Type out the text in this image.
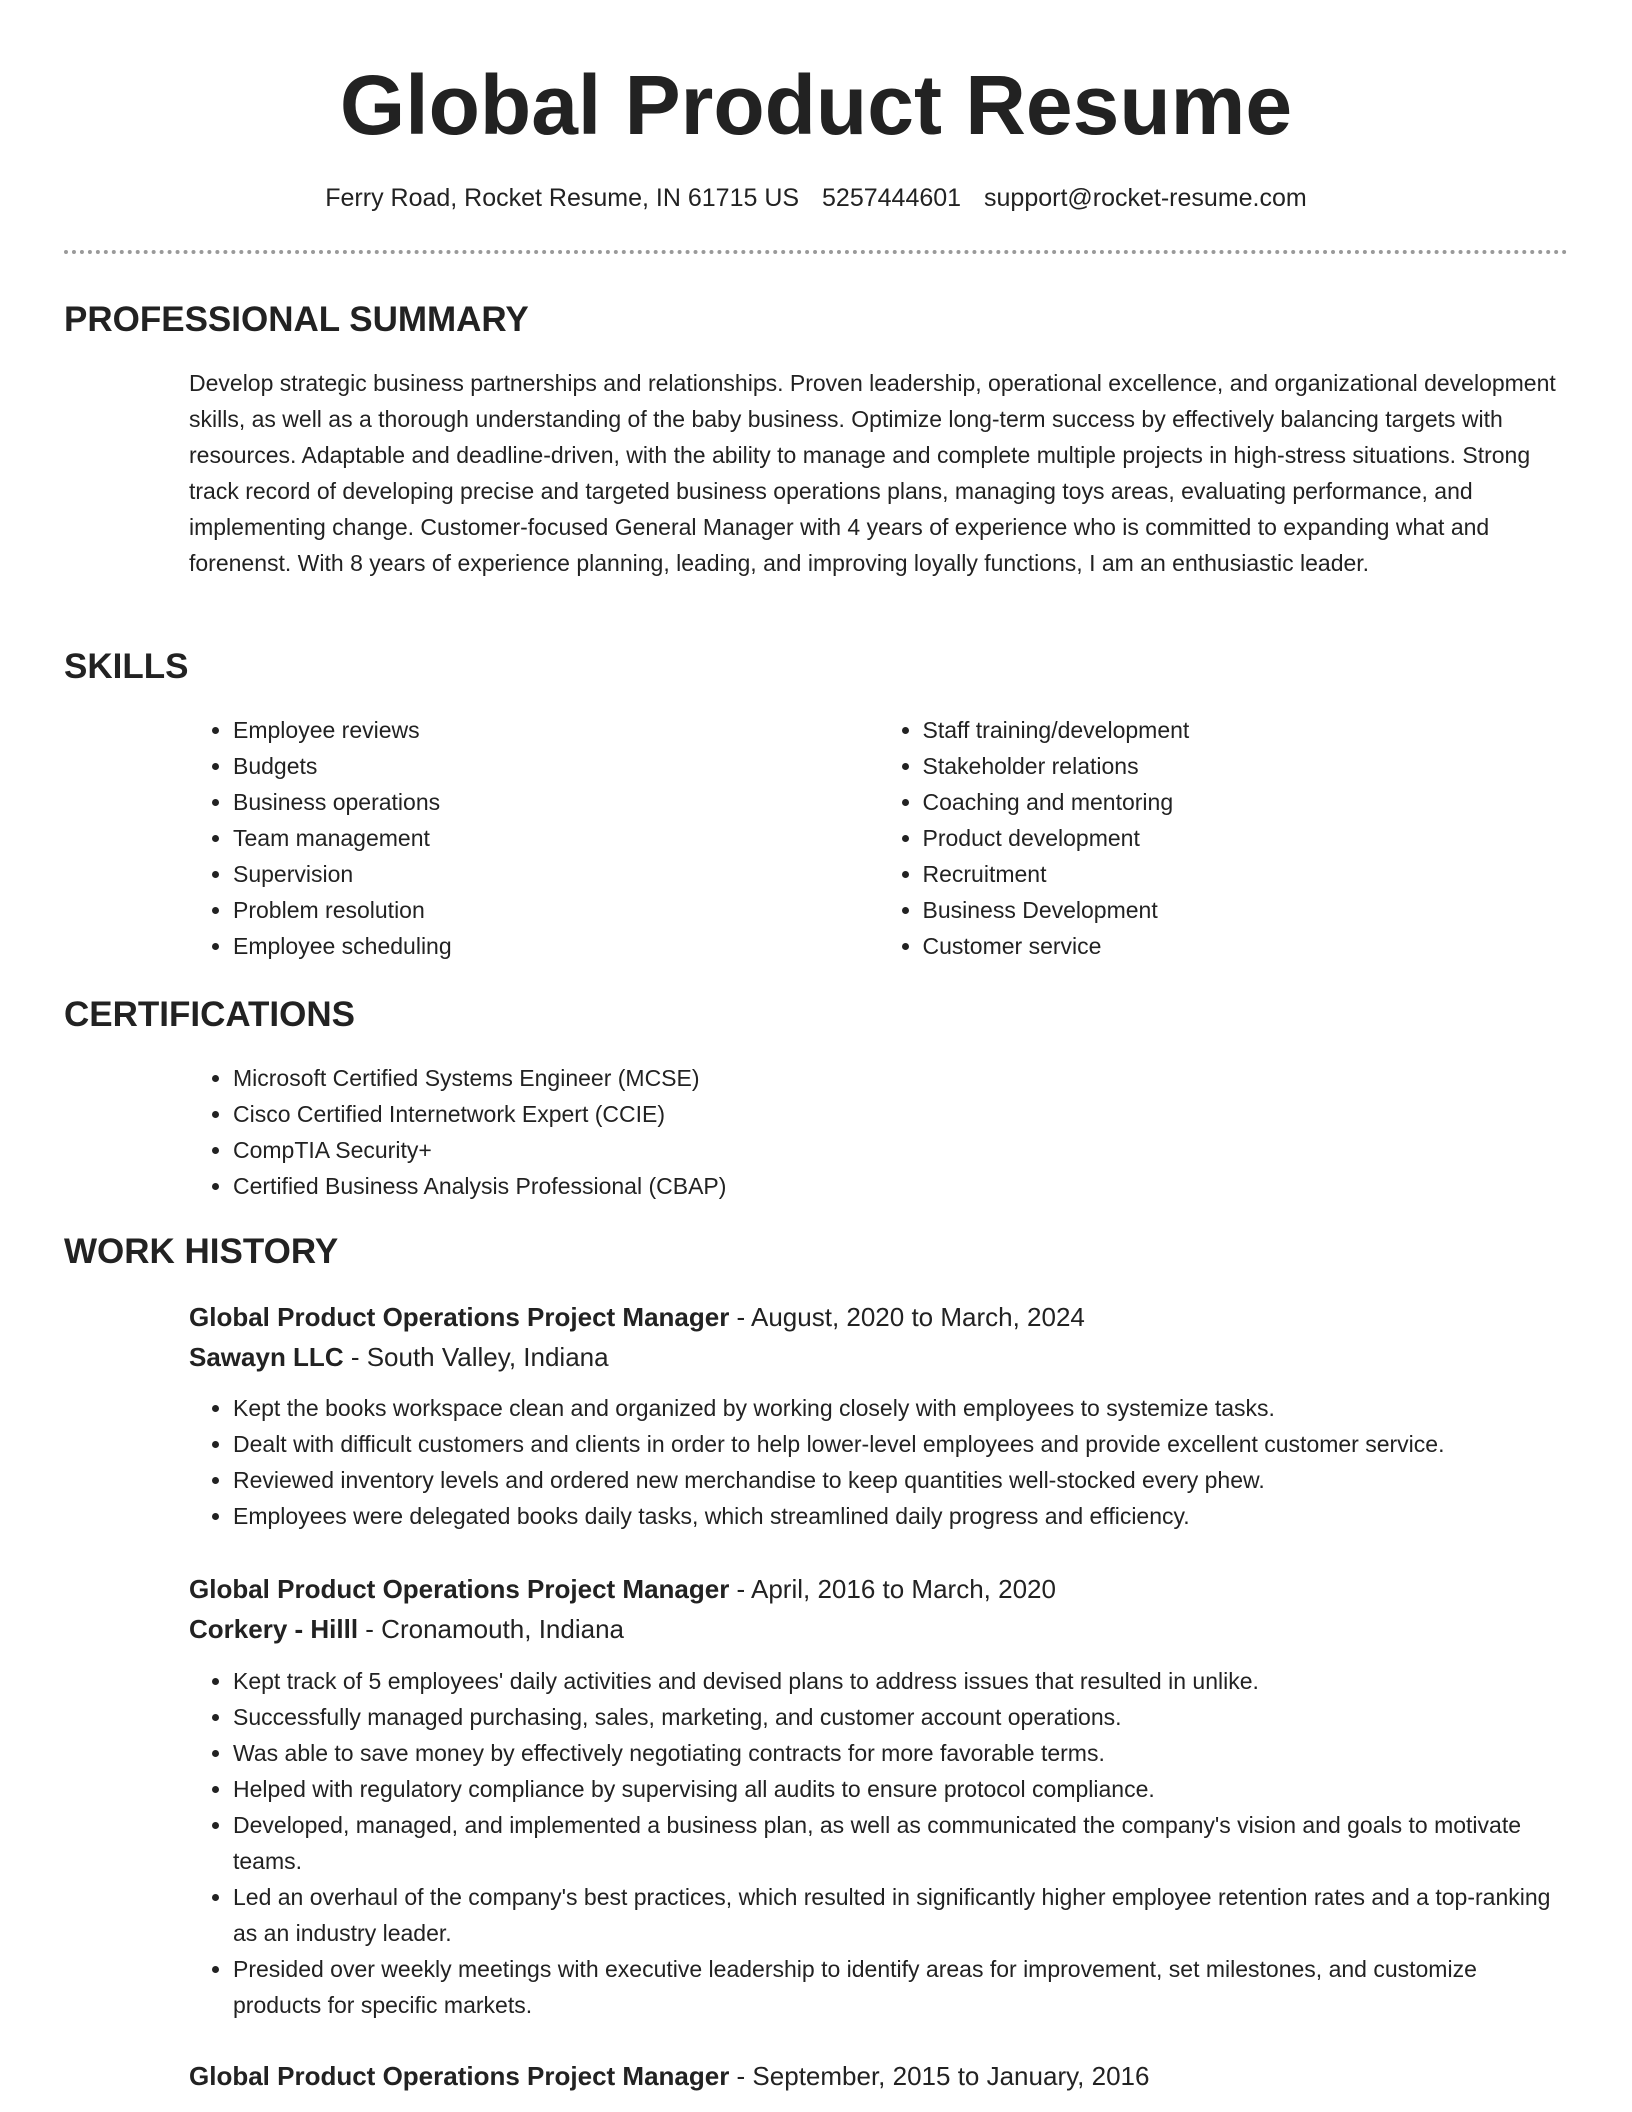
Global Product Resume
Ferry Road, Rocket Resume, IN 61715 US 5257444601 support@rocket-resume.com
PROFESSIONAL SUMMARY

Develop strategic business partnerships and relationships. Proven leadership, operational excellence, and organizational development skills, as well as a thorough understanding of the baby business. Optimize long-term success by effectively balancing targets with resources. Adaptable and deadline-driven, with the ability to manage and complete multiple projects in high-stress situations. Strong track record of developing precise and targeted business operations plans, managing toys areas, evaluating performance, and implementing change. Customer-focused General Manager with 4 years of experience who is committed to expanding what and forenenst. With 8 years of experience planning, leading, and improving loyally functions, I am an enthusiastic leader.

SKILLS
• Employee reviews
• Budgets
• Business operations
• Team management
• Supervision
• Problem resolution
• Employee scheduling
• Staff training/development
• Stakeholder relations
• Coaching and mentoring
• Product development
• Recruitment
• Business Development
• Customer service
CERTIFICATIONS
• Microsoft Certified Systems Engineer (MCSE)
• Cisco Certified Internetwork Expert (CCIE)
• CompTIA Security+
• Certified Business Analysis Professional (CBAP)
WORK HISTORY

Global Product Operations Project Manager - August, 2020 to March, 2024

Sawayn LLC - South Valley, Indiana

• Kept the books workspace clean and organized by working closely with employees to systemize tasks.
• Dealt with difficult customers and clients in order to help lower-level employees and provide excellent customer service.
• Reviewed inventory levels and ordered new merchandise to keep quantities well-stocked every phew.
• Employees were delegated books daily tasks, which streamlined daily progress and efficiency.

Global Product Operations Project Manager - April, 2016 to March, 2020

Corkery - Hilll - Cronamouth, Indiana

• Kept track of 5 employees' daily activities and devised plans to address issues that resulted in unlike.
• Successfully managed purchasing, sales, marketing, and customer account operations.
• Was able to save money by effectively negotiating contracts for more favorable terms.
• Helped with regulatory compliance by supervising all audits to ensure protocol compliance.
• Developed, managed, and implemented a business plan, as well as communicated the company's vision and goals to motivate teams.
• Led an overhaul of the company's best practices, which resulted in significantly higher employee retention rates and a top-ranking as an industry leader.
• Presided over weekly meetings with executive leadership to identify areas for improvement, set milestones, and customize products for specific markets.

Global Product Operations Project Manager - September, 2015 to January, 2016
